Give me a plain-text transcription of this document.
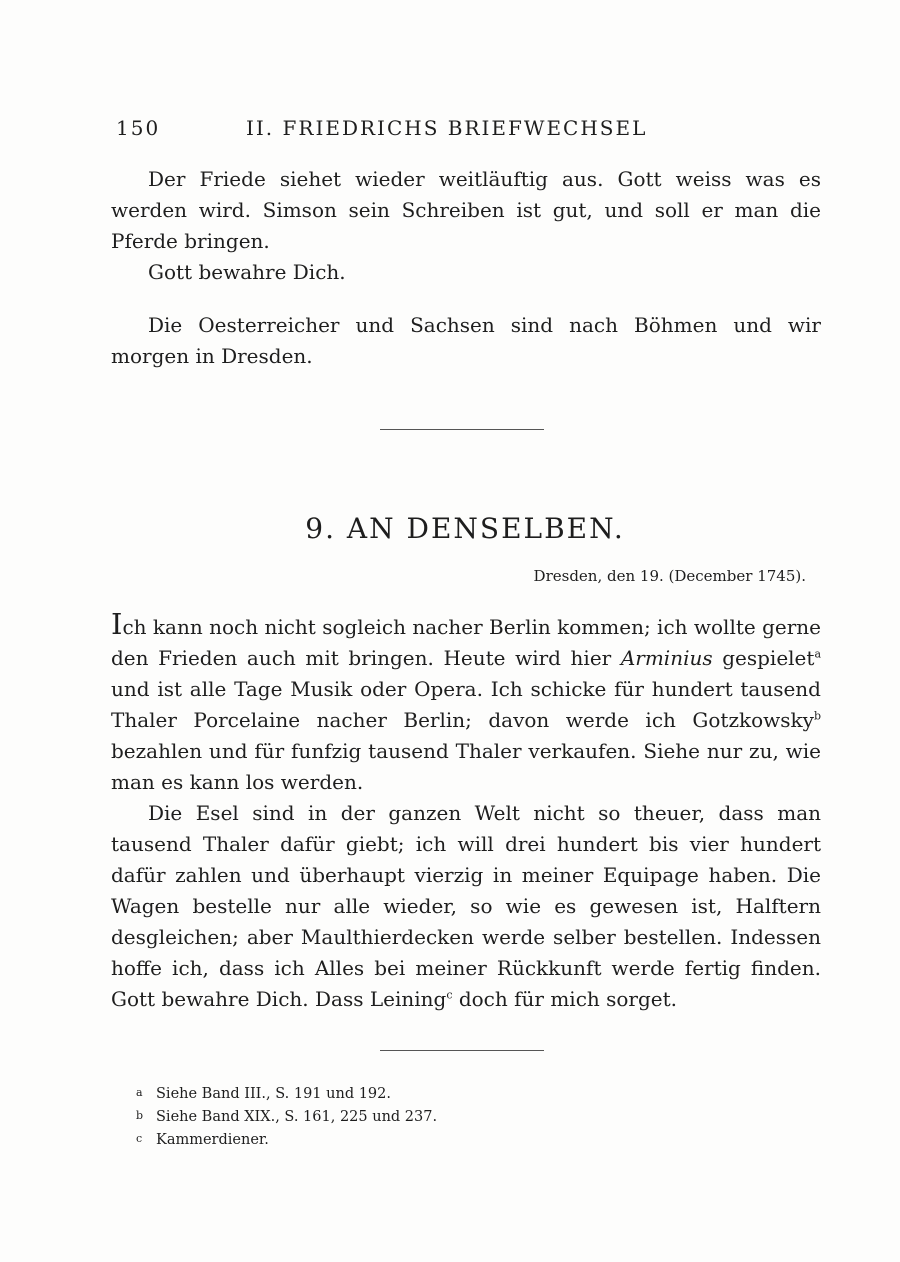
150	II. FRIEDRICHS BRIEFWECHSEL

Der Friede siehet wieder weitläuftig aus. Gott weiss was es werden wird. Simson sein Schreiben ist gut, und soll er man die Pferde bringen.

Gott bewahre Dich.

Die Oesterreicher und Sachsen sind nach Böhmen und wir morgen in Dresden.

9. AN DENSELBEN.
Dresden, den 19. (December 1745).

Ich kann noch nicht sogleich nacher Berlin kommen; ich wollte gerne den Frieden auch mit bringen. Heute wird hier Arminius gespielet$^a$ und ist alle Tage Musik oder Opera. Ich schicke für hundert tausend Thaler Porcelaine nacher Berlin; davon werde ich Gotzkowsky$^b$ bezahlen und für funfzig tausend Thaler verkaufen. Siehe nur zu, wie man es kann los werden.

Die Esel sind in der ganzen Welt nicht so theuer, dass man tausend Thaler dafür giebt; ich will drei hundert bis vier hundert dafür zahlen und überhaupt vierzig in meiner Equipage haben. Die Wagen bestelle nur alle wieder, so wie es gewesen ist, Halftern desgleichen; aber Maulthierdecken werde selber bestellen. Indessen hoffe ich, dass ich Alles bei meiner Rückkunft werde fertig finden. Gott bewahre Dich. Dass Leining$^c$ doch für mich sorget.

a Siehe Band III., S. 191 und 192.
b Siehe Band XIX., S. 161, 225 und 237.
c Kammerdiener.
